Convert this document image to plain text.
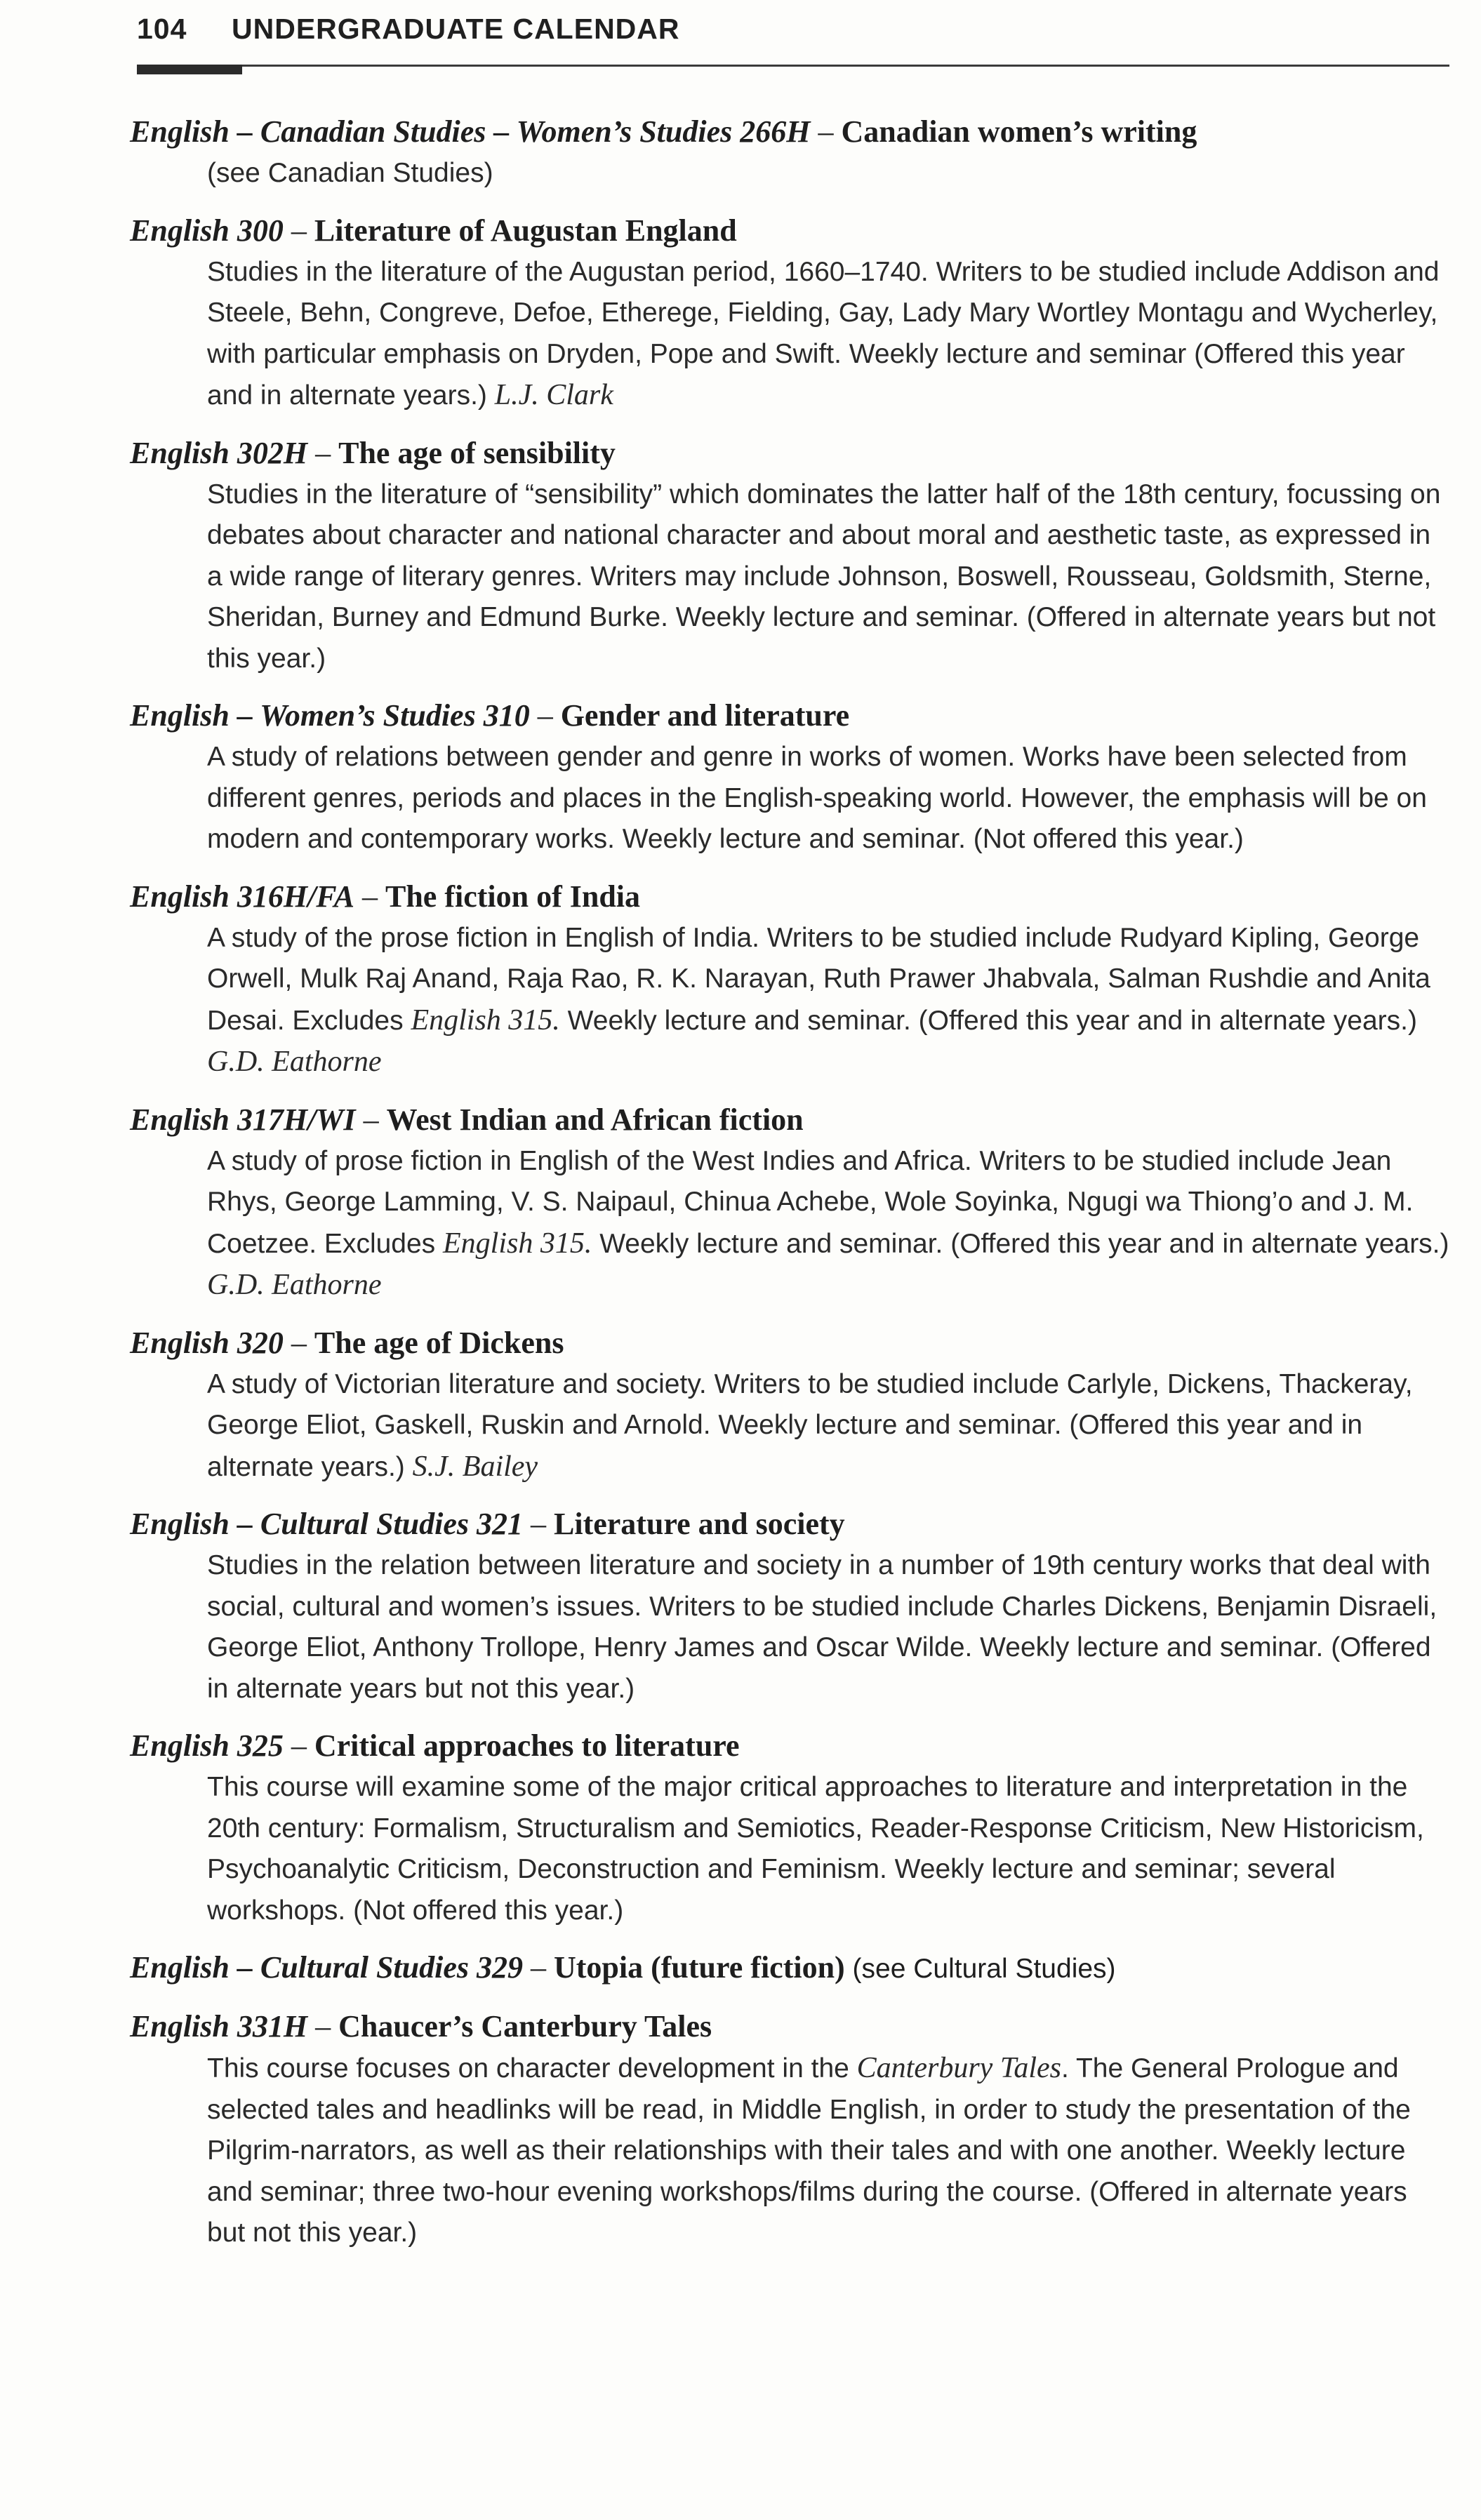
104	UNDERGRADUATE CALENDAR
English – Canadian Studies – Women’s Studies 266H – Canadian women’s writing
(see Canadian Studies)
English 300 – Literature of Augustan England
Studies in the literature of the Augustan period, 1660–1740. Writers to be studied include Addison and Steele, Behn, Congreve, Defoe, Etherege, Fielding, Gay, Lady Mary Wortley Montagu and Wycherley, with particular emphasis on Dryden, Pope and Swift. Weekly lecture and seminar (Offered this year and in alternate years.) L.J. Clark
English 302H – The age of sensibility
Studies in the literature of “sensibility” which dominates the latter half of the 18th century, focussing on debates about character and national character and about moral and aesthetic taste, as expressed in a wide range of literary genres. Writers may include Johnson, Boswell, Rousseau, Goldsmith, Sterne, Sheridan, Burney and Edmund Burke. Weekly lecture and seminar. (Offered in alternate years but not this year.)
English – Women’s Studies 310 – Gender and literature
A study of relations between gender and genre in works of women. Works have been selected from different genres, periods and places in the English-speaking world. However, the emphasis will be on modern and contemporary works. Weekly lecture and seminar. (Not offered this year.)
English 316H/FA – The fiction of India
A study of the prose fiction in English of India. Writers to be studied include Rudyard Kipling, George Orwell, Mulk Raj Anand, Raja Rao, R. K. Narayan, Ruth Prawer Jhabvala, Salman Rushdie and Anita Desai. Excludes English 315. Weekly lecture and seminar. (Offered this year and in alternate years.) G.D. Eathorne
English 317H/WI – West Indian and African fiction
A study of prose fiction in English of the West Indies and Africa. Writers to be studied include Jean Rhys, George Lamming, V. S. Naipaul, Chinua Achebe, Wole Soyinka, Ngugi wa Thiong’o and J. M. Coetzee. Excludes English 315. Weekly lecture and seminar. (Offered this year and in alternate years.) G.D. Eathorne
English 320 – The age of Dickens
A study of Victorian literature and society. Writers to be studied include Carlyle, Dickens, Thackeray, George Eliot, Gaskell, Ruskin and Arnold. Weekly lecture and seminar. (Offered this year and in alternate years.) S.J. Bailey
English – Cultural Studies 321 – Literature and society
Studies in the relation between literature and society in a number of 19th century works that deal with social, cultural and women’s issues. Writers to be studied include Charles Dickens, Benjamin Disraeli, George Eliot, Anthony Trollope, Henry James and Oscar Wilde. Weekly lecture and seminar. (Offered in alternate years but not this year.)
English 325 – Critical approaches to literature
This course will examine some of the major critical approaches to literature and interpretation in the 20th century: Formalism, Structuralism and Semiotics, Reader-Response Criticism, New Historicism, Psychoanalytic Criticism, Deconstruction and Feminism. Weekly lecture and seminar; several workshops. (Not offered this year.)
English – Cultural Studies 329 – Utopia (future fiction) (see Cultural Studies)
English 331H – Chaucer’s Canterbury Tales
This course focuses on character development in the Canterbury Tales. The General Prologue and selected tales and headlinks will be read, in Middle English, in order to study the presentation of the Pilgrim-narrators, as well as their relationships with their tales and with one another. Weekly lecture and seminar; three two-hour evening workshops/films during the course. (Offered in alternate years but not this year.)
